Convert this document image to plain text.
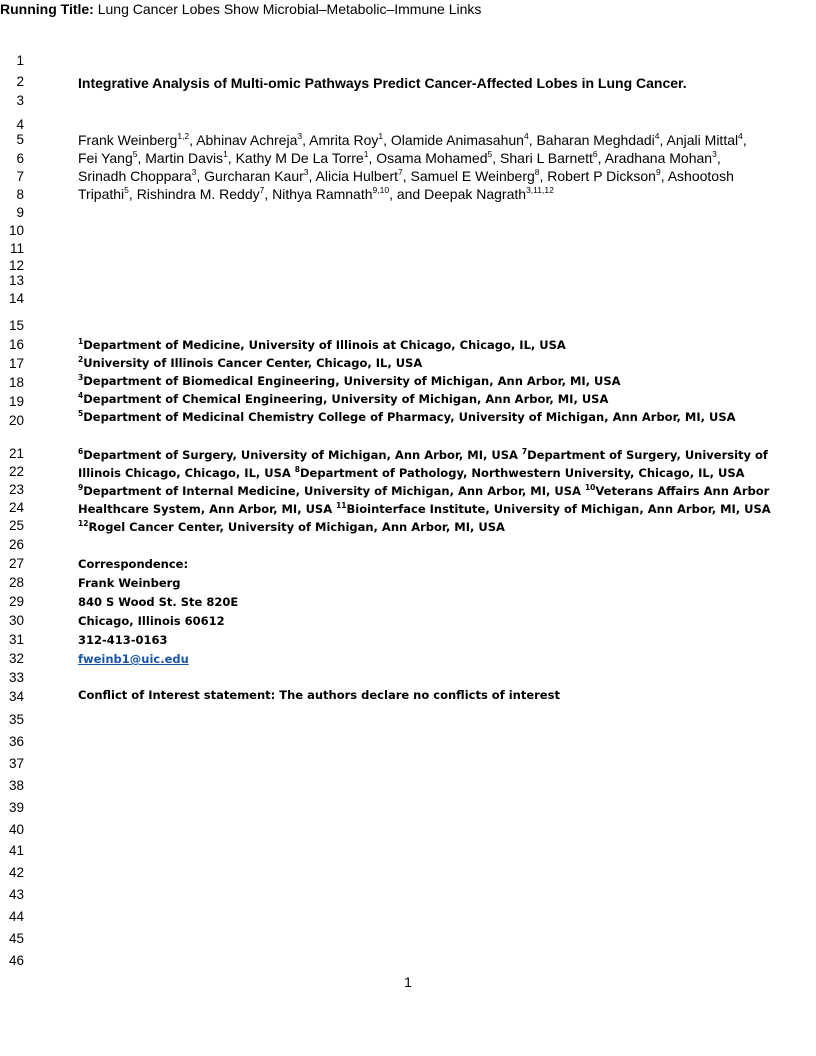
1
2
3
4
5
6
7
8
9
10
11
12
13
14
15
16
17
18
19
20
21
22
23
24
25
26
27
28
29
30
31
32
33
34
35
36
37
38
39
40
41
42
43
44
45
46
Integrative Analysis of Multi-omic Pathways Predict Cancer-Affected Lobes in Lung Cancer.
Frank Weinberg$^{1,2}$, Abhinav Achreja$^3$, Amrita Roy$^1$, Olamide Animasahun$^4$, Baharan Meghdadi$^4$, Anjali Mittal$^4$, Fei Yang$^5$, Martin Davis$^1$, Kathy M De La Torre$^1$, Osama Mohamed$^5$, Shari L Barnett$^6$, Aradhana Mohan$^3$, Srinadh Choppara$^3$, Gurcharan Kaur$^3$, Alicia Hulbert$^7$, Samuel E Weinberg$^8$, Robert P Dickson$^9$, Ashootosh Tripathi$^5$, Rishindra M. Reddy$^7$, Nithya Ramnath$^{9,10}$, and Deepak Nagrath$^{3,11,12}$
Running Title: Lung Cancer Lobes Show Microbial–Metabolic–Immune Links
$^1$Department of Medicine, University of Illinois at Chicago, Chicago, IL, USA
$^2$University of Illinois Cancer Center, Chicago, IL, USA
$^3$Department of Biomedical Engineering, University of Michigan, Ann Arbor, MI, USA
$^4$Department of Chemical Engineering, University of Michigan, Ann Arbor, MI, USA
$^5$Department of Medicinal Chemistry College of Pharmacy, University of Michigan, Ann Arbor, MI, USA
$^6$Department of Surgery, University of Michigan, Ann Arbor, MI, USA $^7$Department of Surgery, University of Illinois Chicago, Chicago, IL, USA $^8$Department of Pathology, Northwestern University, Chicago, IL, USA $^9$Department of Internal Medicine, University of Michigan, Ann Arbor, MI, USA $^{10}$Veterans Affairs Ann Arbor Healthcare System, Ann Arbor, MI, USA $^{11}$Biointerface Institute, University of Michigan, Ann Arbor, MI, USA
$^{12}$Rogel Cancer Center, University of Michigan, Ann Arbor, MI, USA
Correspondence:
Frank Weinberg
840 S Wood St. Ste 820E
Chicago, Illinois 60612
312-413-0163
fweinb1@uic.edu
Conflict of Interest statement: The authors declare no conflicts of interest
1
